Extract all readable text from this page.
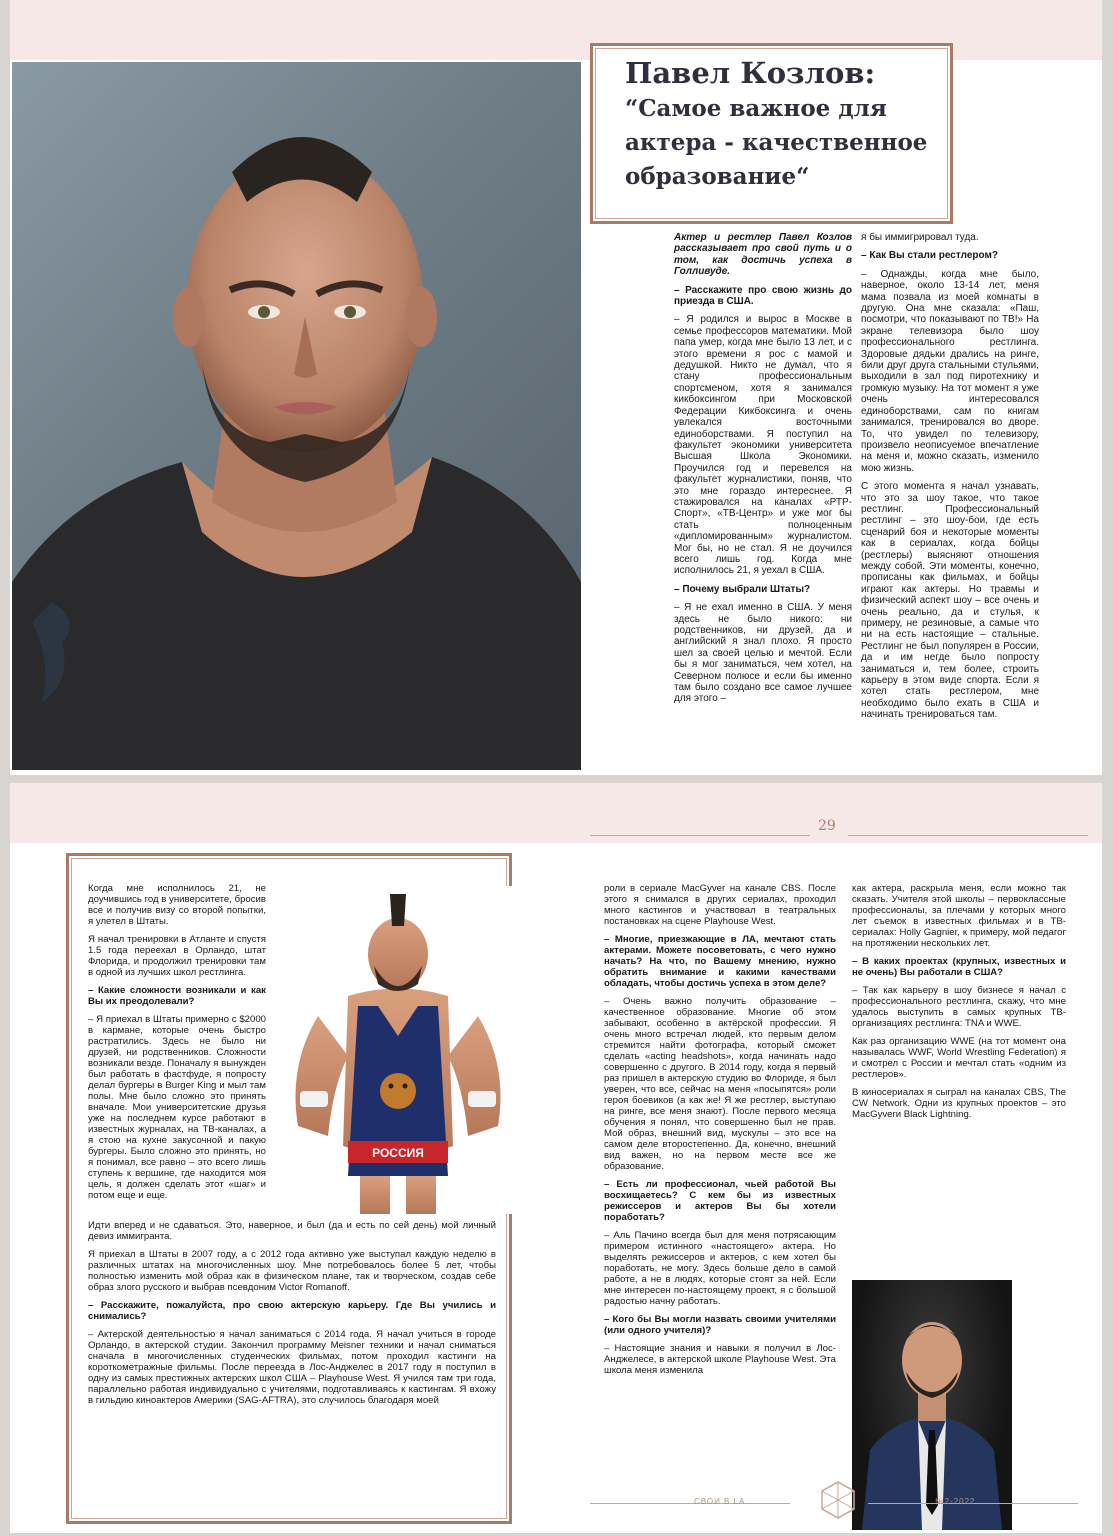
Павел Козлов:
“Самое важное для актера - качественное образование“

Актер и рестлер Павел Козлов рассказывает про свой путь и о том, как достичь успеха в Голливуде.

– Расскажите про свою жизнь до приезда в США.

– Я родился и вырос в Москве в семье профессоров математики. Мой папа умер, когда мне было 13 лет, и с этого времени я рос с мамой и дедушкой. Никто не думал, что я стану профессиональным спортсменом, хотя я занимался кикбоксингом при Московской Федерации Кикбоксинга и очень увлекался восточными единоборствами. Я поступил на факультет экономики университета Высшая Школа Экономики. Проучился год и перевелся на факультет журналистики, поняв, что это мне гораздо интереснее. Я стажировался на каналах «РТР-Спорт», «ТВ-Центр» и уже мог бы стать полноценным «дипломированным» журналистом. Мог бы, но не стал. Я не доучился всего лишь год. Когда мне исполнилось 21, я уехал в США.

– Почему выбрали Штаты?

– Я не ехал именно в США. У меня здесь не было никого: ни родственников, ни друзей, да и английский я знал плохо. Я просто шел за своей целью и мечтой. Если бы я мог заниматься, чем хотел, на Северном полюсе и если бы именно там было создано все самое лучшее для этого –

я бы иммигрировал туда.

– Как Вы стали рестлером?

– Однажды, когда мне было, наверное, около 13-14 лет, меня мама позвала из моей комнаты в другую. Она мне сказала: «Паш, посмотри, что показывают по ТВ!» На экране телевизора было шоу профессионального рестлинга. Здоровые дядьки дрались на ринге, били друг друга стальными стульями, выходили в зал под пиротехнику и громкую музыку. На тот момент я уже очень интересовался единоборствами, сам по книгам занимался, тренировался во дворе. То, что увидел по телевизору, произвело неописуемое впечатление на меня и, можно сказать, изменило мою жизнь.

С этого момента я начал узнавать, что это за шоу такое, что такое рестлинг. Профессиональный рестлинг – это шоу-бои, где есть сценарий боя и некоторые моменты как в сериалах, когда бойцы (рестлеры) выясняют отношения между собой. Эти моменты, конечно, прописаны как фильмах, и бойцы играют как актеры. Но травмы и физический аспект шоу – все очень и очень реально, да и стулья, к примеру, не резиновые, а самые что ни на есть настоящие – стальные. Рестлинг не был популярен в России, да и им негде было попросту заниматься и, тем более, строить карьеру в этом виде спорта. Если я хотел стать рестлером, мне необходимо было ехать в США и начинать тренироваться там.

29

Когда мне исполнилось 21, не доучившись год в университете, бросив все и получив визу со второй попытки, я улетел в Штаты.

Я начал тренировки в Атланте и спустя 1.5 года переехал в Орландо, штат Флорида, и продолжил тренировки там в одной из лучших школ рестлинга.

– Какие сложности возникали и как Вы их преодолевали?

– Я приехал в Штаты примерно с $2000 в кармане, которые очень быстро растратились. Здесь не было ни друзей, ни родственников. Сложности возникали везде. Поначалу я вынужден был работать в фастфуде, я попросту делал бургеры в Burger King и мыл там полы. Мне было сложно это принять вначале. Мои университетские друзья уже на последнем курсе работают в известных журналах, на ТВ-каналах, а я стою на кухне закусочной и пакую бургеры. Было сложно это принять, но я понимал, все равно – это всего лишь ступень к вершине, где находится моя цель, я должен сделать этот «шаг» и потом еще и еще.

РОССИЯ

Идти вперед и не сдаваться. Это, наверное, и был (да и есть по сей день) мой личный девиз иммигранта.

Я приехал в Штаты в 2007 году, а с 2012 года активно уже выступал каждую неделю в различных штатах на многочисленных шоу. Мне потребовалось более 5 лет, чтобы полностью изменить мой образ как в физическом плане, так и творческом, создав себе образ злого русского и выбрав псевдоним Victor Romanoff.

– Расскажите, пожалуйста, про свою актерскую карьеру. Где Вы учились и снимались?

– Актерской деятельностью я начал заниматься с 2014 года. Я начал учиться в городе Орландо, в актерской студии. Закончил программу Meisner техники и начал сниматься сначала в многочисленных студенческих фильмах, потом проходил кастинги на короткометражные фильмы. После переезда в Лос-Анджелес в 2017 году я поступил в одну из самых престижных актерских школ США – Playhouse West. Я учился там три года, параллельно работая индивидуально с учителями, подготавливаясь к кастингам. Я вхожу в гильдию киноактеров Америки (SAG-AFTRA), это случилось благодаря моей

роли в сериале MacGyver на канале CBS. После этого я снимался в других сериалах, проходил много кастингов и участвовал в театральных постановках на сцене Playhouse West.

– Многие, приезжающие в ЛА, мечтают стать актерами. Можете посоветовать, с чего нужно начать? На что, по Вашему мнению, нужно обратить внимание и какими качествами обладать, чтобы достичь успеха в этом деле?

– Очень важно получить образование – качественное образование. Многие об этом забывают, особенно в актёрской профессии. Я очень много встречал людей, кто первым делом стремится найти фотографа, который сможет сделать «acting headshots», когда начинать надо совершенно с другого. В 2014 году, когда я первый раз пришел в актерскую студию во Флориде, я был уверен, что все, сейчас на меня «посыпятся» роли героя боевиков (а как же! Я же рестлер, выступаю на ринге, все меня знают). После первого месяца обучения я понял, что совершенно был не прав. Мой образ, внешний вид, мускулы – это все на самом деле второстепенно. Да, конечно, внешний вид важен, но на первом месте все же образование.

– Есть ли профессионал, чьей работой Вы восхищаетесь? С кем бы из известных режиссеров и актеров Вы бы хотели поработать?

– Аль Пачино всегда был для меня потрясающим примером истинного «настоящего» актера. Но выделять режиссеров и актеров, с кем хотел бы поработать, не могу. Здесь больше дело в самой работе, а не в людях, которые стоят за ней. Если мне интересен по-настоящему проект, я с большой радостью начну работать.

– Кого бы Вы могли назвать своими учителями (или одного учителя)?

– Настоящие знания и навыки я получил в Лос-Анджелесе, в актерской школе Playhouse West. Эта школа меня изменила

как актера, раскрыла меня, если можно так сказать. Учителя этой школы – первоклассные профессионалы, за плечами у которых много лет съемок в известных фильмах и в ТВ-сериалах: Holly Gagnier, к примеру, мой педагог на протяжении нескольких лет.

– В каких проектах (крупных, известных и не очень) Вы работали в США?

– Так как карьеру в шоу бизнесе я начал с профессионального рестлинга, скажу, что мне удалось выступить в самых крупных ТВ-организациях рестлинга: TNA и WWE.

Как раз организацию WWE (на тот момент она называлась WWF, World Wrestling Federation) я и смотрел с России и мечтал стать «одним из рестлеров».

В киносериалах я сыграл на каналах CBS, The CW Network. Одни из крупных проектов – это MacGyverи Black Lightning.

СВОИ В LA	№2-2022
